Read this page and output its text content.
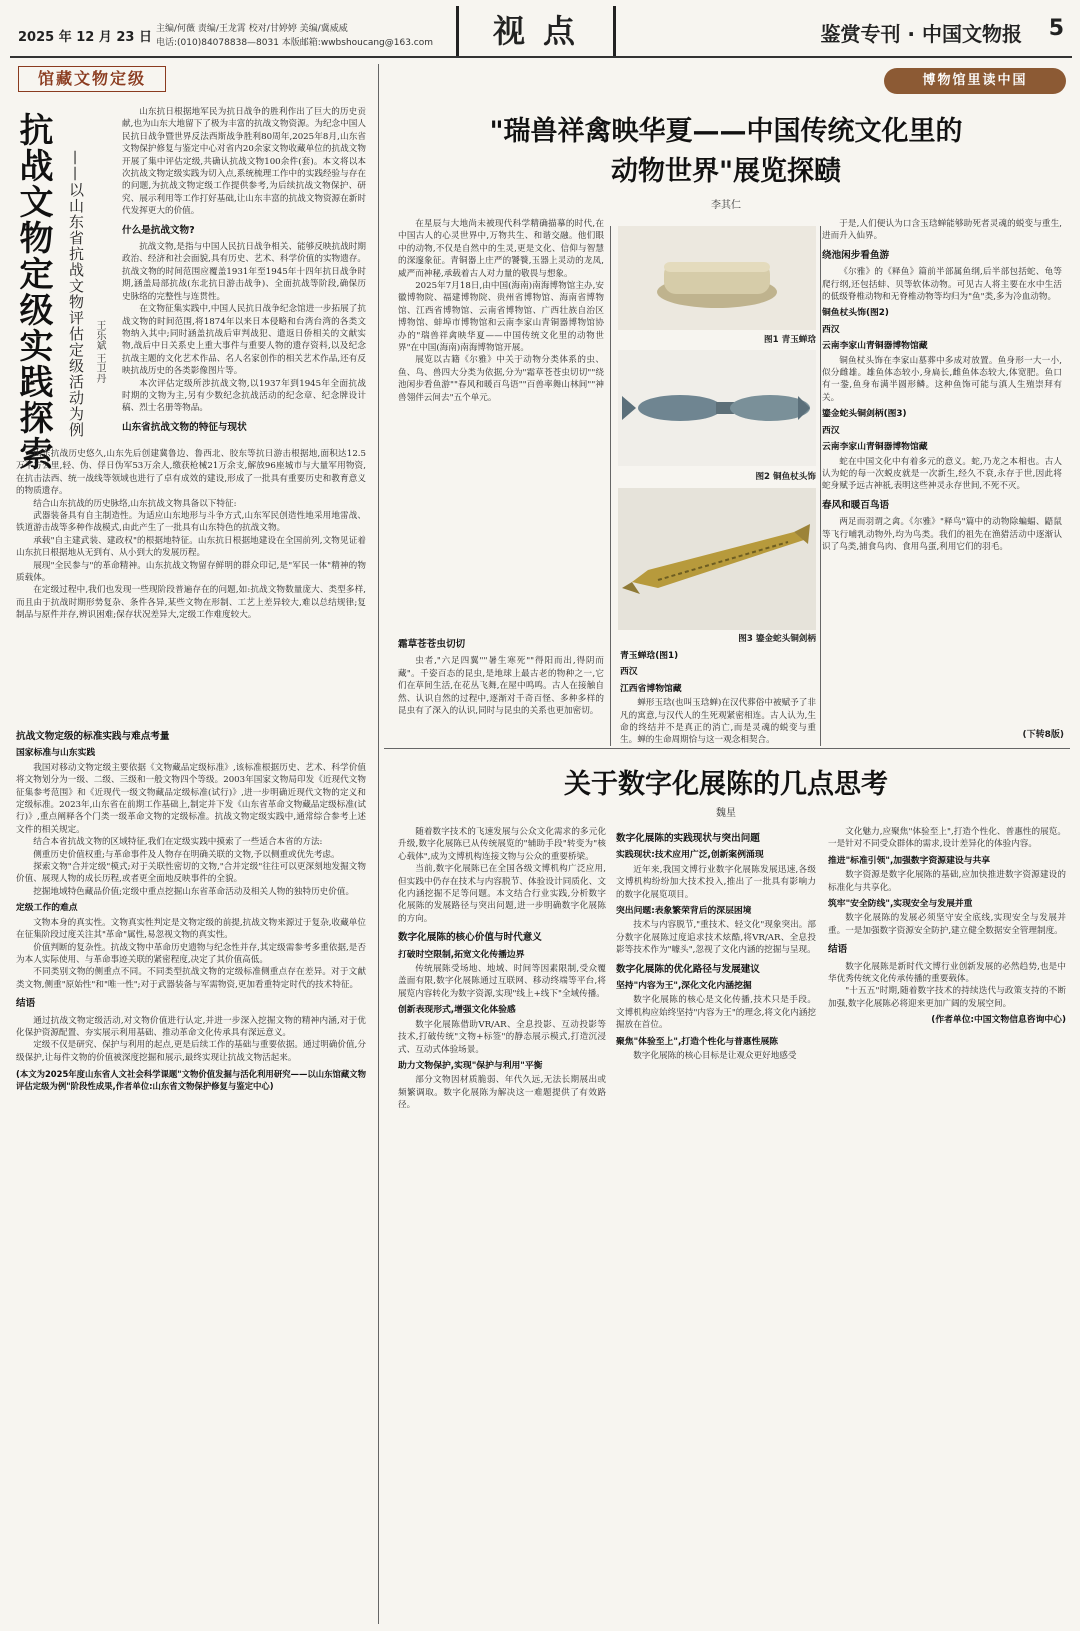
2025 年 12 月 23 日
主编/何薇 责编/王龙霄 校对/甘婷婷 美编/冀威威
电话:(010)84078838—8031 本版邮箱:wwbshoucang@163.com	视点	鉴赏专刊 · 中国文物报 5
馆藏文物定级
抗战文物定级实践探索 ——以山东省抗战文物评估定级活动为例 王乐斌 王卫丹

山东抗日根据地军民为抗日战争的胜利作出了巨大的历史贡献,也为山东大地留下了极为丰富的抗战文物资源。为纪念中国人民抗日战争暨世界反法西斯战争胜利80周年,2025年8月,山东省文物保护修复与鉴定中心对省内20余家文物收藏单位的抗战文物开展了集中评估定级,共确认抗战文物100余件(套)。本文将以本次抗战文物定级实践为切入点,系统梳理工作中的实践经验与存在的问题,为抗战文物定级工作提供参考,为后续抗战文物保护、研究、展示利用等工作打好基础,让山东丰富的抗战文物资源在新时代发挥更大的价值。

什么是抗战文物?

抗战文物,是指与中国人民抗日战争相关、能够反映抗战时期政治、经济和社会面貌,具有历史、艺术、科学价值的实物遗存。抗战文物的时间范围应覆盖1931年至1945年十四年抗日战争时期,涵盖局部抗战(东北抗日游击战争)、全面抗战等阶段,确保历史脉络的完整性与连贯性。

在文物征集实践中,中国人民抗日战争纪念馆进一步拓展了抗战文物的时间范围,将1874年以来日本侵略和台湾台湾的各类文物纳入其中;同时涵盖抗战后审判战犯、遣返日侨相关的文献实物,战后中日关系史上重大事件与重要人物的遗存资料,以及纪念抗战主题的文化艺术作品、名人名家创作的相关艺术作品,还有反映抗战历史的各类影像图片等。

本次评估定级所涉抗战文物,以1937年到1945年全面抗战时期的文物为主,另有少数纪念抗战活动的纪念章、纪念牌设计稿、烈士名册等物品。

山东省抗战文物的特征与现状

山东抗战历史悠久,山东先后创建冀鲁边、鲁西北、胶东等抗日游击根据地,面积达12.5万平方公里,轻、伪、俘日伪军53万余人,缴获枪械21万余支,解放96座城市与大量军用物资,在抗击法西、统一战线等领域也进行了卓有成效的建设,形成了一批具有重要历史和教育意义的物质遗存。

结合山东抗战的历史脉络,山东抗战文物具备以下特征:

武器装备具有自主制造性。为适应山东地形与斗争方式,山东军民创造性地采用地雷战、铁道游击战等多种作战模式,由此产生了一批具有山东特色的抗战文物。

承载"自主建武装、建政权"的根据地特征。山东抗日根据地建设在全国前列,文物见证着山东抗日根据地从无到有、从小到大的发展历程。

展现"全民参与"的革命精神。山东抗战文物留存鲜明的群众印记,是"军民一体"精神的物质载体。

在定级过程中,我们也发现一些现阶段普遍存在的问题,如:抗战文物数量庞大、类型多样,而且由于抗战时期形势复杂、条件各异,某些文物在形制、工艺上差异较大,难以总结规律;复制品与原件并存,辨识困难;保存状况差异大,定级工作难度较大。

抗战文物定级的标准实践与难点考量
国家标准与山东实践

我国对移动文物定级主要依据《文物藏品定级标准》,该标准根据历史、艺术、科学价值将文物划分为一级、二级、三级和一般文物四个等级。2003年国家文物局印发《近现代文物征集参考范围》和《近现代一级文物藏品定级标准(试行)》,进一步明确近现代文物的定义和定级标准。2023年,山东省在前期工作基础上,制定并下发《山东省革命文物藏品定级标准(试行)》,重点阐释各个门类一级革命文物的定级标准。抗战文物定级实践中,通常综合参考上述文件的相关规定。

结合本省抗战文物的区域特征,我们在定级实践中摸索了一些适合本省的方法:

侧重历史价值权重;与革命事件及人物存在明确关联的文物,予以侧重或优先考虑。

探索文物"合并定级"模式;对于关联性密切的文物,"合并定级"往往可以更深刻地发掘文物价值、展现人物的成长历程,或者更全面地反映事件的全貌。

挖掘地域特色藏品价值;定级中重点挖掘山东省革命活动及相关人物的独特历史价值。

定级工作的难点

文物本身的真实性。文物真实性判定是文物定级的前提,抗战文物来源过于复杂,收藏单位在征集阶段过度关注其"革命"属性,易忽视文物的真实性。

价值判断的复杂性。抗战文物中革命历史遗物与纪念性并存,其定级需参考多重依据,是否为本人实际使用、与革命事迹关联的紧密程度,决定了其价值高低。

不同类别文物的侧重点不同。不同类型抗战文物的定级标准侧重点存在差异。对于文献类文物,侧重"原始性"和"唯一性";对于武器装备与军需物资,更加看重特定时代的技术特征。

结语

通过抗战文物定级活动,对文物价值进行认定,并进一步深入挖掘文物的精神内涵,对于优化保护资源配置、夯实展示利用基础、推动革命文化传承具有深远意义。

定级不仅是研究、保护与利用的起点,更是后续工作的基础与重要依据。通过明确价值,分级保护,让每件文物的价值被深度挖掘和展示,最终实现让抗战文物活起来。

(本文为2025年度山东省人文社会科学课题"文物价值发掘与活化利用研究——以山东馆藏文物评估定级为例"阶段性成果,作者单位:山东省文物保护修复与鉴定中心)
博物馆里读中国
"瑞兽祥禽映华夏——中国传统文化里的
动物世界"展览探赜
李其仁

在星辰与大地尚未被现代科学精确描摹的时代,在中国古人的心灵世界中,万物共生、和谐交融。他们眼中的动物,不仅是自然中的生灵,更是文化、信仰与智慧的深邃象征。青铜器上庄严的饕餮,玉器上灵动的龙凤,威严而神秘,承载着古人对力量的敬畏与想象。

2025年7月18日,由中国(海南)南海博物馆主办,安徽博物院、福建博物院、贵州省博物馆、海南省博物馆、江西省博物馆、云南省博物馆、广西壮族自治区博物馆、蚌埠市博物馆和云南李家山青铜器博物馆协办的"瑞兽祥禽映华夏——中国传统文化里的动物世界"在中国(海南)南海博物馆开展。

展览以古籍《尔雅》中关于动物分类体系的虫、鱼、鸟、兽四大分类为依据,分为"霜草苍苍虫切切""绕池闲步看鱼游""春风和暖百鸟语""百兽率舞山林间""神兽翎伴云间去"五个单元。

霜草苍苍虫切切

虫者,"六足四翼""暑生寒死""得阳而出,得阴而藏"。千姿百态的昆虫,是地球上最古老的物种之一,它们在草间生活,在花丛飞舞,在屋中鸣鸣。古人在接触自然、认识自然的过程中,逐渐对千奇百怪、多种多样的昆虫有了深入的认识,同时与昆虫的关系也更加密切。

图1 青玉蝉琀
图2 铜鱼杖头饰
图3 鎏金蛇头铜剑柄
青玉蝉琀(图1)
西汉
江西省博物馆藏

蝉形玉琀(也叫玉琀蝉)在汉代葬俗中被赋予了非凡的寓意,与汉代人的生死观紧密相连。古人认为,生命的终结并不是真正的消亡,而是灵魂的蜕变与重生。蝉的生命周期恰与这一观念相契合。

于是,人们便认为口含玉琀蝉能够助死者灵魂的蜕变与重生,进而升入仙界。

绕池闲步看鱼游

《尔雅》的《释鱼》篇前半部属鱼纲,后半部包括蛇、龟等爬行纲,还包括蚌、贝等软体动物。可见古人将主要在水中生活的低级脊椎动物和无脊椎动物等均归为"鱼"类,多为冷血动物。

铜鱼杖头饰(图2)
西汉
云南李家山青铜器博物馆藏

铜鱼杖头饰在李家山墓葬中多成对放置。鱼身形一大一小,似分雌雄。雄鱼体态较小,身扁长,雌鱼体态较大,体宽肥。鱼口有一銎,鱼身布满半圆形鳞。这种鱼饰可能与滇人生殖崇拜有关。

鎏金蛇头铜剑柄(图3)
西汉
云南李家山青铜器博物馆藏

蛇在中国文化中有着多元的意义。蛇,乃龙之本相也。古人认为蛇的每一次蜕皮就是一次新生,经久不衰,永存于世,因此将蛇身赋予远古神祇,表明这些神灵永存世间,不死不灭。

春风和暖百鸟语

两足而羽谓之禽。《尔雅》"释鸟"篇中的动物除蝙蝠、鼯鼠等飞行哺乳动物外,均为鸟类。我们的祖先在渔猎活动中逐渐认识了鸟类,捕食鸟肉、食用鸟蛋,利用它们的羽毛。

(下转8版)
关于数字化展陈的几点思考
魏星

随着数字技术的飞速发展与公众文化需求的多元化升级,数字化展陈已从传统展览的"辅助手段"转变为"核心载体",成为文博机构连接文物与公众的重要桥梁。

当前,数字化展陈已在全国各级文博机构广泛应用,但实践中仍存在技术与内容脱节、体验设计同质化、文化内涵挖掘不足等问题。本文结合行业实践,分析数字化展陈的发展路径与突出问题,进一步明确数字化展陈的方向。

数字化展陈的核心价值与时代意义
打破时空限制,拓宽文化传播边界

传统展陈受场地、地域、时间等因素限制,受众覆盖面有限,数字化展陈通过互联网、移动终端等平台,将展览内容转化为数字资源,实现"线上+线下"全域传播。

创新表现形式,增强文化体验感

数字化展陈借助VR/AR、全息投影、互动投影等技术,打破传统"文物+标签"的静态展示模式,打造沉浸式、互动式体验场景。

助力文物保护,实现"保护与利用"平衡

部分文物因材质脆弱、年代久远,无法长期展出或频繁调取。数字化展陈为解决这一难题提供了有效路径。

数字化展陈的实践现状与突出问题
实践现状:技术应用广泛,创新案例涌现

近年来,我国文博行业数字化展陈发展迅速,各级文博机构纷纷加大技术投入,推出了一批具有影响力的数字化展览项目。

突出问题:表象繁荣背后的深层困境

技术与内容脱节,"重技术、轻文化"现象突出。部分数字化展陈过度追求技术炫酷,将VR/AR、全息投影等技术作为"噱头",忽视了文化内涵的挖掘与呈现。

数字化展陈的优化路径与发展建议
坚持"内容为王",深化文化内涵挖掘

数字化展陈的核心是文化传播,技术只是手段。文博机构应始终坚持"内容为王"的理念,将文化内涵挖掘放在首位。

聚焦"体验至上",打造个性化与普惠性展陈

数字化展陈的核心目标是让观众更好地感受

文化魅力,应聚焦"体验至上",打造个性化、普惠性的展览。一是针对不同受众群体的需求,设计差异化的体验内容。

推进"标准引领",加强数字资源建设与共享

数字资源是数字化展陈的基础,应加快推进数字资源建设的标准化与共享化。

筑牢"安全防线",实现安全与发展并重

数字化展陈的发展必须坚守安全底线,实现安全与发展并重。一是加强数字资源安全防护,建立健全数据安全管理制度。

结语

数字化展陈是新时代文博行业创新发展的必然趋势,也是中华优秀传统文化传承传播的重要载体。

"十五五"时期,随着数字技术的持续迭代与政策支持的不断加强,数字化展陈必将迎来更加广阔的发展空间。

(作者单位:中国文物信息咨询中心)
